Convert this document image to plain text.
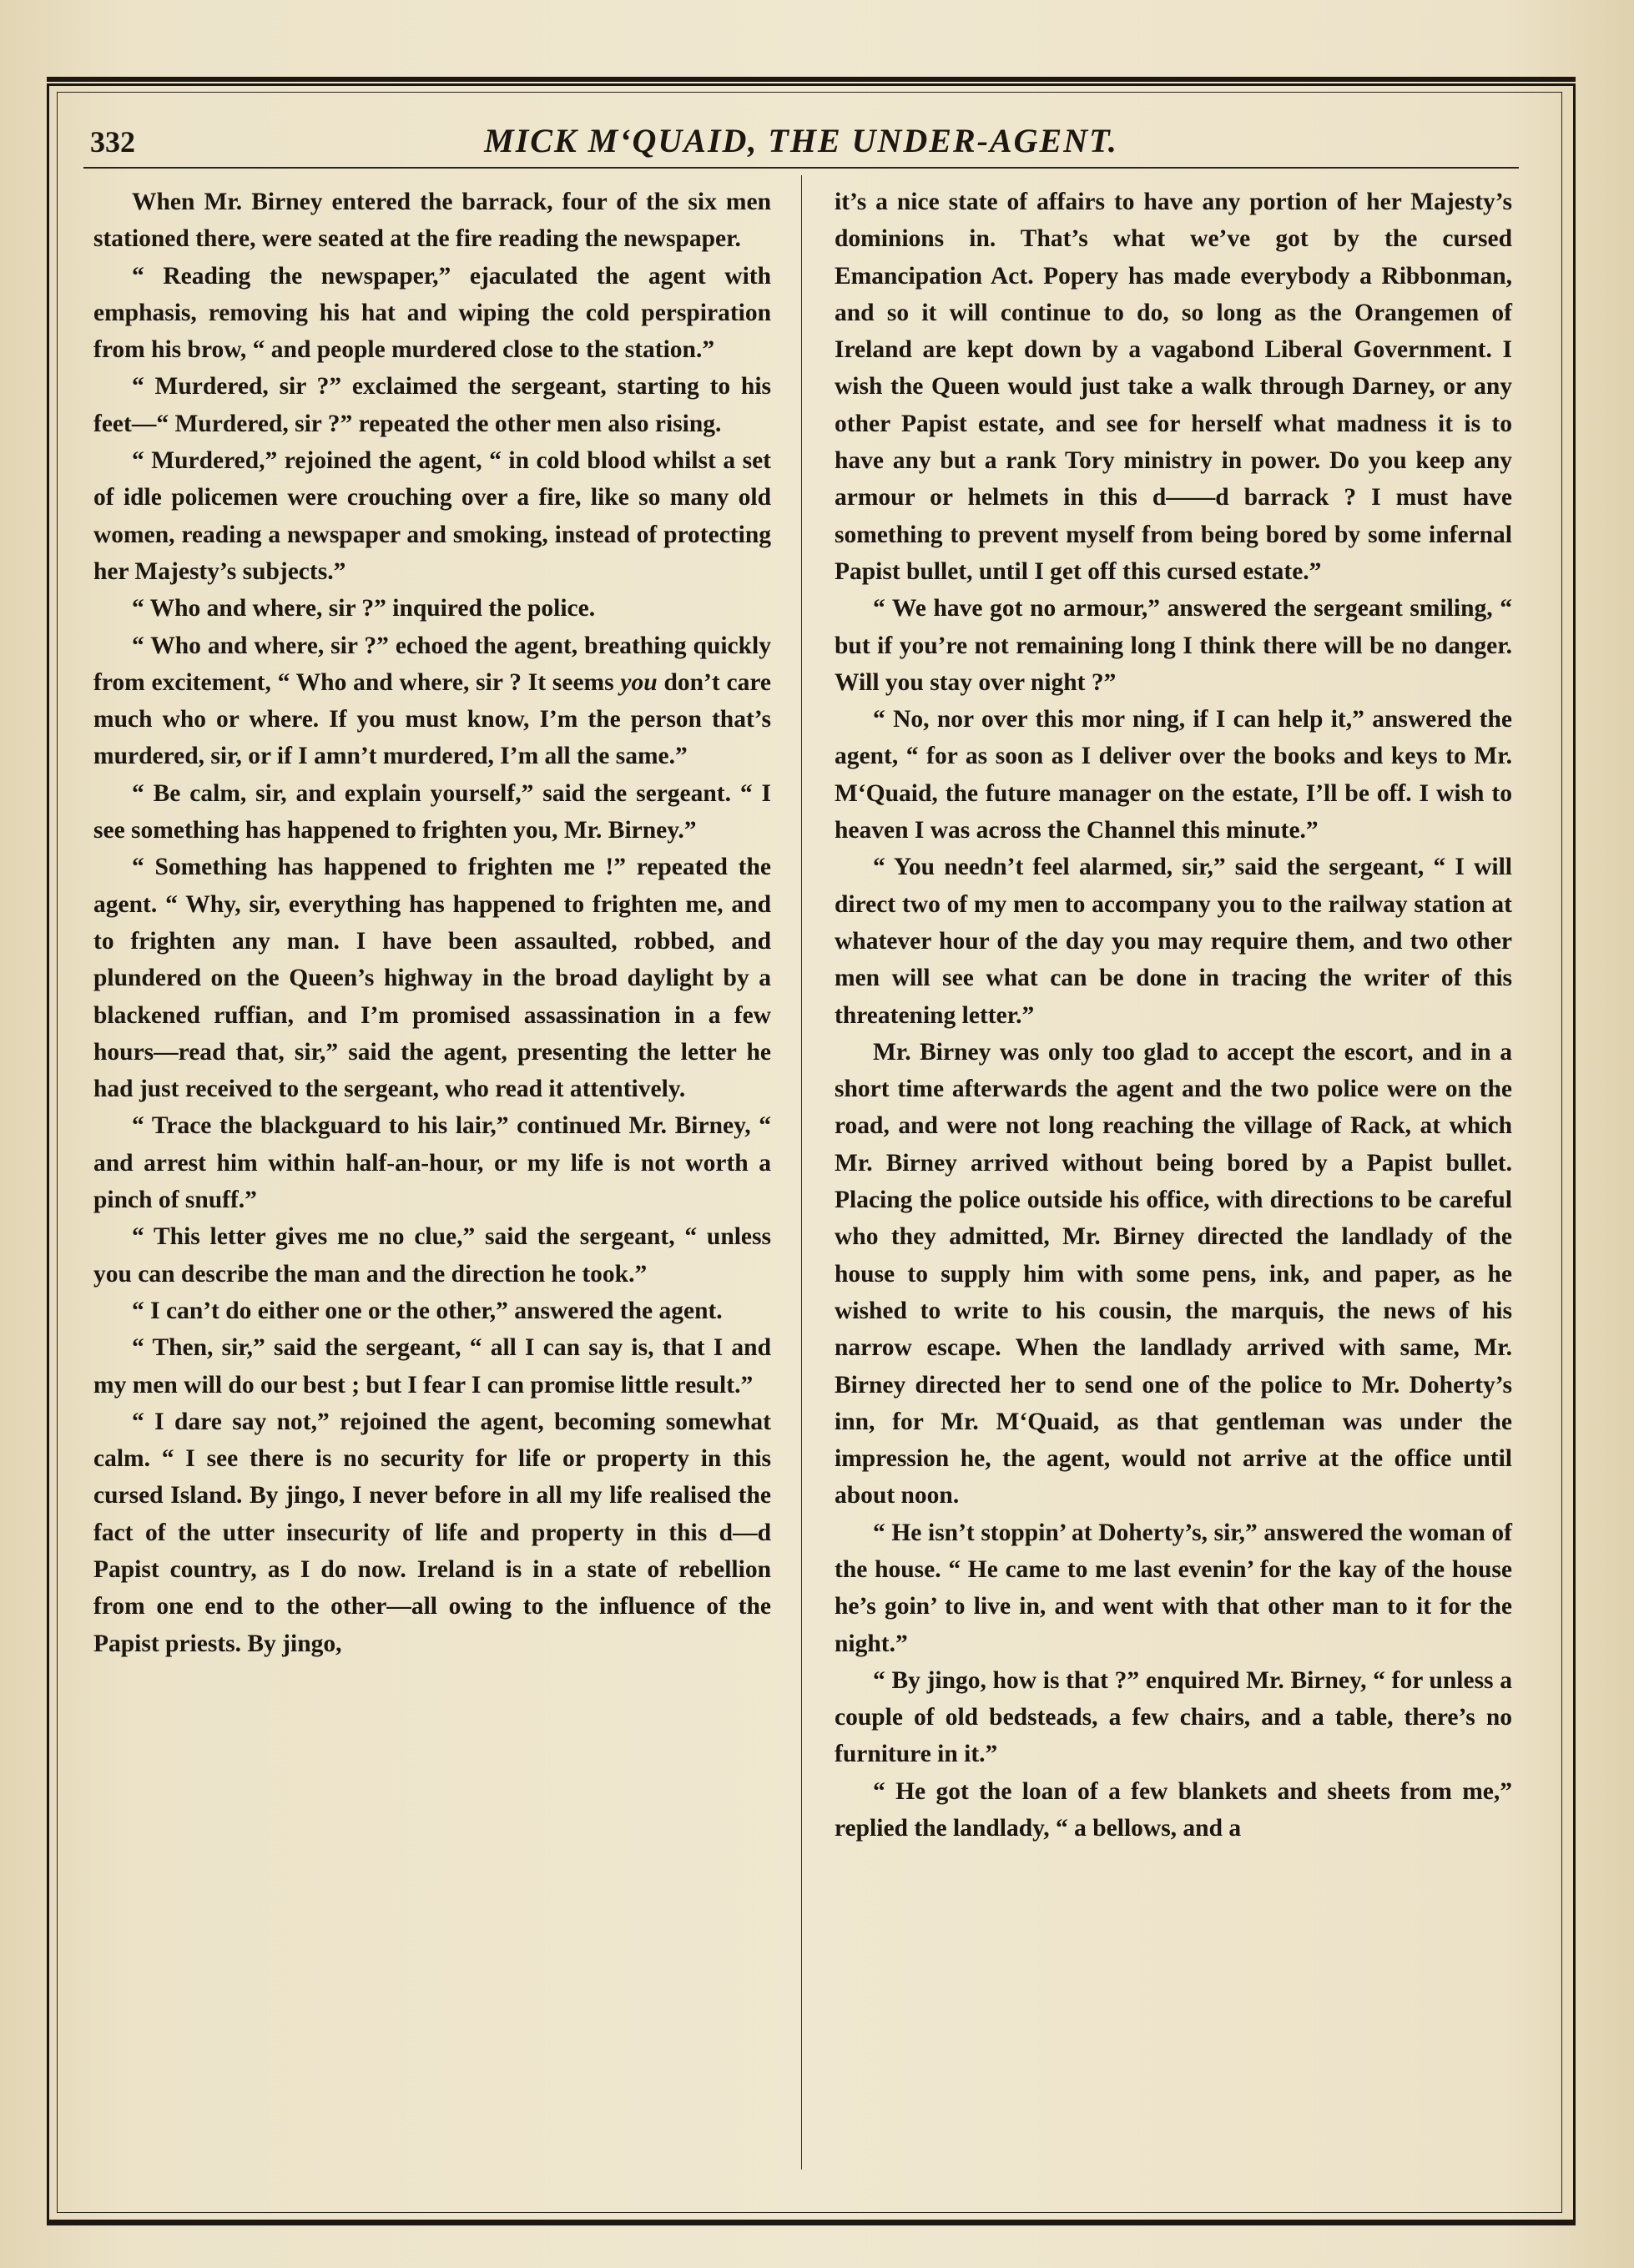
332	MICK M‘QUAID, THE UNDER-AGENT.

When Mr. Birney entered the barrack, four of the six men stationed there, were seated at the fire reading the newspaper.

“ Reading the newspaper,” ejaculated the agent with emphasis, removing his hat and wiping the cold perspiration from his brow, “ and people murdered close to the station.”

“ Murdered, sir ?” exclaimed the sergeant, starting to his feet—“ Murdered, sir ?” repeated the other men also rising.

“ Murdered,” rejoined the agent, “ in cold blood whilst a set of idle policemen were crouching over a fire, like so many old women, reading a newspaper and smoking, instead of protecting her Majesty’s subjects.”

“ Who and where, sir ?” inquired the police.

“ Who and where, sir ?” echoed the agent, breathing quickly from excitement, “ Who and where, sir ? It seems you don’t care much who or where. If you must know, I’m the person that’s murdered, sir, or if I amn’t murdered, I’m all the same.”

“ Be calm, sir, and explain yourself,” said the sergeant. “ I see something has happened to frighten you, Mr. Birney.”

“ Something has happened to frighten me !” repeated the agent. “ Why, sir, everything has happened to frighten me, and to frighten any man. I have been assaulted, robbed, and plundered on the Queen’s highway in the broad daylight by a blackened ruffian, and I’m promised assassination in a few hours—read that, sir,” said the agent, presenting the letter he had just received to the sergeant, who read it attentively.

“ Trace the blackguard to his lair,” continued Mr. Birney, “ and arrest him within half-an-hour, or my life is not worth a pinch of snuff.”

“ This letter gives me no clue,” said the sergeant, “ unless you can describe the man and the direction he took.”

“ I can’t do either one or the other,” answered the agent.

“ Then, sir,” said the sergeant, “ all I can say is, that I and my men will do our best ; but I fear I can promise little result.”

“ I dare say not,” rejoined the agent, becoming somewhat calm. “ I see there is no security for life or property in this cursed Island. By jingo, I never before in all my life realised the fact of the utter insecurity of life and property in this d—d Papist country, as I do now. Ireland is in a state of rebellion from one end to the other—all owing to the influence of the Papist priests. By jingo,

it’s a nice state of affairs to have any portion of her Majesty’s dominions in. That’s what we’ve got by the cursed Emancipation Act. Popery has made everybody a Ribbonman, and so it will continue to do, so long as the Orangemen of Ireland are kept down by a vagabond Liberal Government. I wish the Queen would just take a walk through Darney, or any other Papist estate, and see for herself what madness it is to have any but a rank Tory ministry in power. Do you keep any armour or helmets in this d——d barrack ? I must have something to prevent myself from being bored by some infernal Papist bullet, until I get off this cursed estate.”

“ We have got no armour,” answered the sergeant smiling, “ but if you’re not remaining long I think there will be no danger. Will you stay over night ?”

“ No, nor over this mor ning, if I can help it,” answered the agent, “ for as soon as I deliver over the books and keys to Mr. M‘Quaid, the future manager on the estate, I’ll be off. I wish to heaven I was across the Channel this minute.”

“ You needn’t feel alarmed, sir,” said the sergeant, “ I will direct two of my men to accompany you to the railway station at whatever hour of the day you may require them, and two other men will see what can be done in tracing the writer of this threatening letter.”

Mr. Birney was only too glad to accept the escort, and in a short time afterwards the agent and the two police were on the road, and were not long reaching the village of Rack, at which Mr. Birney arrived without being bored by a Papist bullet. Placing the police outside his office, with directions to be careful who they admitted, Mr. Birney directed the landlady of the house to supply him with some pens, ink, and paper, as he wished to write to his cousin, the marquis, the news of his narrow escape. When the landlady arrived with same, Mr. Birney directed her to send one of the police to Mr. Doherty’s inn, for Mr. M‘Quaid, as that gentleman was under the impression he, the agent, would not arrive at the office until about noon.

“ He isn’t stoppin’ at Doherty’s, sir,” answered the woman of the house. “ He came to me last evenin’ for the kay of the house he’s goin’ to live in, and went with that other man to it for the night.”

“ By jingo, how is that ?” enquired Mr. Birney, “ for unless a couple of old bedsteads, a few chairs, and a table, there’s no furniture in it.”

“ He got the loan of a few blankets and sheets from me,” replied the landlady, “ a bellows, and a
